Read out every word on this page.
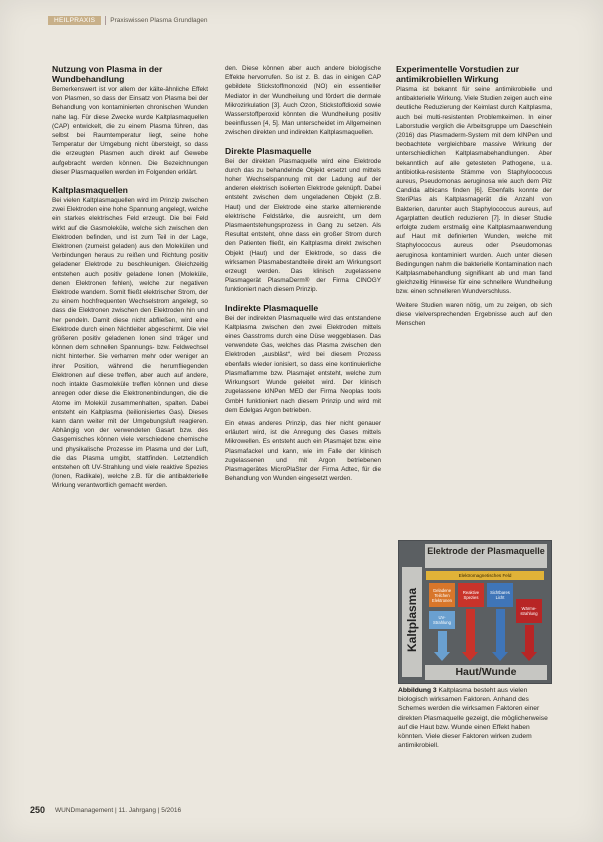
HEILPRAXIS	Praxiswissen Plasma Grundlagen
Nutzung von Plasma in der Wundbehandlung

Bemerkenswert ist vor allem der kälte-ähnliche Effekt von Plasmen, so dass der Einsatz von Plasma bei der Behandlung von kontaminierten chronischen Wunden nahe lag. Für diese Zwecke wurde Kaltplasmaquellen (CAP) entwickelt, die zu einem Plasma führen, das selbst bei Raumtemperatur liegt, seine hohe Temperatur der Umgebung nicht übersteigt, so dass die erzeugten Plasmen auch direkt auf Gewebe aufgebracht werden können. Die Bezeichnungen dieser Plasmaquellen werden im Folgenden erklärt.

Kaltplasmaquellen

Bei vielen Kaltplasmaquellen wird im Prinzip zwischen zwei Elektroden eine hohe Spannung angelegt, welche ein starkes elektrisches Feld erzeugt. Die bei Feld wirkt auf die Gasmoleküle, welche sich zwischen den Elektroden befinden, und ist zum Teil in der Lage, Elektronen (zumeist geladen) aus den Molekülen und Verbindungen heraus zu reißen und Richtung positiv geladener Elektrode zu beschleunigen. Gleichzeitig entstehen auch positiv geladene Ionen (Moleküle, denen Elektronen fehlen), welche zur negativen Elektrode wandern. Somit fließt elektrischer Strom, der zu einem hochfrequenten Wechselstrom angelegt, so dass die Elektronen zwischen den Elektroden hin und her pendeln. Damit diese nicht abfließen, wird eine Elektrode durch einen Nichtleiter abgeschirmt. Die viel größeren positiv geladenen Ionen sind träger und können dem schnellen Spannungs- bzw. Feldwechsel nicht hinterher. Sie verharren mehr oder weniger an ihrer Position, während die herumfliegenden Elektronen auf diese treffen, aber auch auf andere, noch intakte Gasmoleküle treffen können und diese anregen oder diese die Elektronenbindungen, die die Atome im Molekül zusammenhalten, spalten. Dabei entsteht ein Kaltplasma (teilionisiertes Gas). Dieses kann dann weiter mit der Umgebungsluft reagieren. Abhängig von der verwendeten Gasart bzw. des Gasgemisches können viele verschiedene chemische und physikalische Prozesse im Plasma und der Luft, die das Plasma umgibt, stattfinden. Letztendlich entstehen oft UV-Strahlung und viele reaktive Spezies (Ionen, Radikale), welche z.B. für die antibakterielle Wirkung verantwortlich gemacht werden.

den. Diese können aber auch andere biologische Effekte hervorrufen. So ist z. B. das in einigen CAP gebildete Stickstoffmonoxid (NO) ein essentieller Mediator in der Wundheilung und fördert die dermale Mikrozirkulation [3]. Auch Ozon, Stickstoffdioxid sowie Wasserstoffperoxid könnten die Wundheilung positiv beeinflussen [4, 5]. Man unterscheidet im Allgemeinen zwischen direkten und indirekten Kaltplasmaquellen.

Direkte Plasmaquelle

Bei der direkten Plasmaquelle wird eine Elektrode durch das zu behandelnde Objekt ersetzt und mittels hoher Wechselspannung mit der Ladung auf der anderen elektrisch isolierten Elektrode geknüpft. Dabei entsteht zwischen dem ungeladenen Objekt (z.B. Haut) und der Elektrode eine starke alternierende elektrische Feldstärke, die ausreicht, um dem Plasmaentstehungsprozess in Gang zu setzen. Als Resultat entsteht, ohne dass ein großer Strom durch den Patienten fließt, ein Kaltplasma direkt zwischen Objekt (Haut) und der Elektrode, so dass die wirksamen Plasmabestandteile direkt am Wirkungsort erzeugt werden. Das klinisch zugelassene Plasmagerät PlasmaDerm® der Firma CINOGY funktioniert nach diesem Prinzip.

Indirekte Plasmaquelle

Bei der indirekten Plasmaquelle wird das entstandene Kaltplasma zwischen den zwei Elektroden mittels eines Gasstroms durch eine Düse weggeblasen. Das verwendete Gas, welches das Plasma zwischen den Elektroden „ausbläst“, wird bei diesem Prozess ebenfalls wieder ionisiert, so dass eine kontinuierliche Plasmaflamme bzw. Plasmajet entsteht, welche zum Wirkungsort Wunde geleitet wird. Der klinisch zugelassene kINPen MED der Firma Neoplas tools GmbH funktioniert nach diesem Prinzip und wird mit dem Edelgas Argon betrieben.

Ein etwas anderes Prinzip, das hier nicht genauer erläutert wird, ist die Anregung des Gases mittels Mikrowellen. Es entsteht auch ein Plasmajet bzw. eine Plasmafackel und kann, wie im Falle der klinisch zugelassenen und mit Argon betriebenen Plasmagerätes MicroPlaSter der Firma Adtec, für die Behandlung von Wunden eingesetzt werden.

Experimentelle Vorstudien zur antimikrobiellen Wirkung

Plasma ist bekannt für seine antimikrobielle und antibakterielle Wirkung. Viele Studien zeigen auch eine deutliche Reduzierung der Keimlast durch Kaltplasma, auch bei multi-resistenten Problemkeimen. In einer Laborstudie verglich die Arbeitsgruppe um Daeschlein (2016) das Plasmaderm-System mit dem kINPen und beobachtete vergleichbare massive Wirkung der unterschiedlichen Kaltplasmabehandlungen. Aber bekanntlich auf alle getesteten Pathogene, u.a. antibiotika-resistente Stämme von Staphylococcus aureus, Pseudomonas aeruginosa wie auch dem Pilz Candida albicans finden [6]. Ebenfalls konnte der SteriPlas als Kaltplasmagerät die Anzahl von Bakterien, darunter auch Staphylococcus aureus, auf Agarplatten deutlich reduzieren [7]. In dieser Studie erfolgte zudem erstmalig eine Kaltplasmaanwendung auf Haut mit definierten Wunden, welche mit Staphylococcus aureus oder Pseudomonas aeruginosa kontaminiert wurden. Auch unter diesen Bedingungen nahm die bakterielle Kontamination nach Kaltplasmabehandlung signifikant ab und man fand gleichzeitig Hinweise für eine schnellere Wundheilung bzw. einen schnelleren Wundverschluss.

Weitere Studien waren nötig, um zu zeigen, ob sich diese vielversprechenden Ergebnisse auch auf den Menschen

Elektrode der Plasmaquelle
Kaltplasma
Elektromagnetisches Feld
Geladene Teilchen Elektronen
Reaktive Spezies
Sichtbares Licht
Wärme-strahlung
UV-Strahlung
Haut/Wunde
Abbildung 3 Kaltplasma besteht aus vielen biologisch wirksamen Faktoren. Anhand des Schemes werden die wirksamen Faktoren einer direkten Plasmaquelle gezeigt, die möglicherweise auf die Haut bzw. Wunde einen Effekt haben könnten. Viele dieser Faktoren wirken zudem antimikrobiell.
250 WUNDmanagement | 11. Jahrgang | 5/2016
